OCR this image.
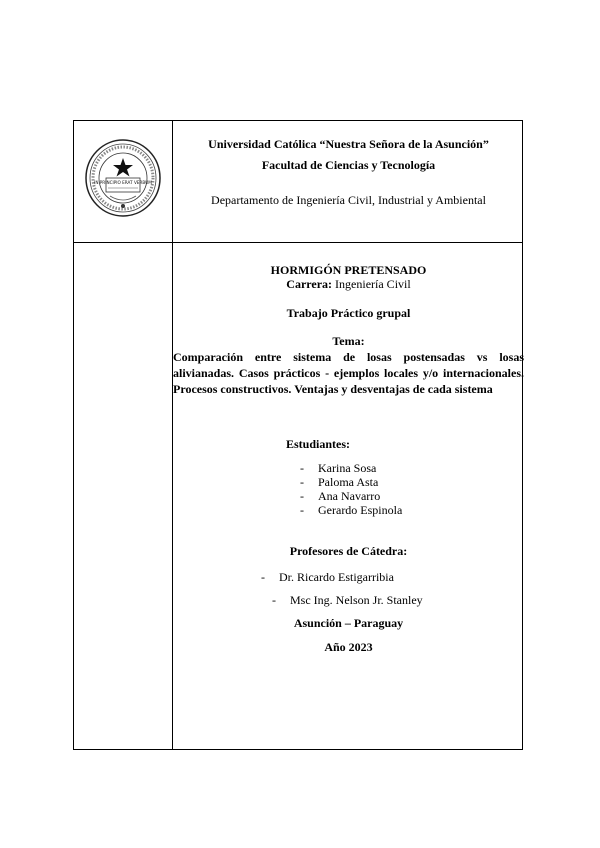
IN PRINCIPIO ERAT VERBUM
Universidad Católica “Nuestra Señora de la Asunción”
Facultad de Ciencias y Tecnología
Departamento de Ingeniería Civil, Industrial y Ambiental
HORMIGÓN PRETENSADO
Carrera: Ingeniería Civil
Trabajo Práctico grupal
Tema:
Comparación entre sistema de losas postensadas vs losas
alivianadas. Casos prácticos - ejemplos locales y/o internacionales.
Procesos constructivos. Ventajas y desventajas de cada sistema
Estudiantes:
- Karina Sosa
- Paloma Asta
- Ana Navarro
- Gerardo Espinola
Profesores de Cátedra:
- Dr. Ricardo Estigarribia
- Msc Ing. Nelson Jr. Stanley
Asunción – Paraguay
Año 2023
